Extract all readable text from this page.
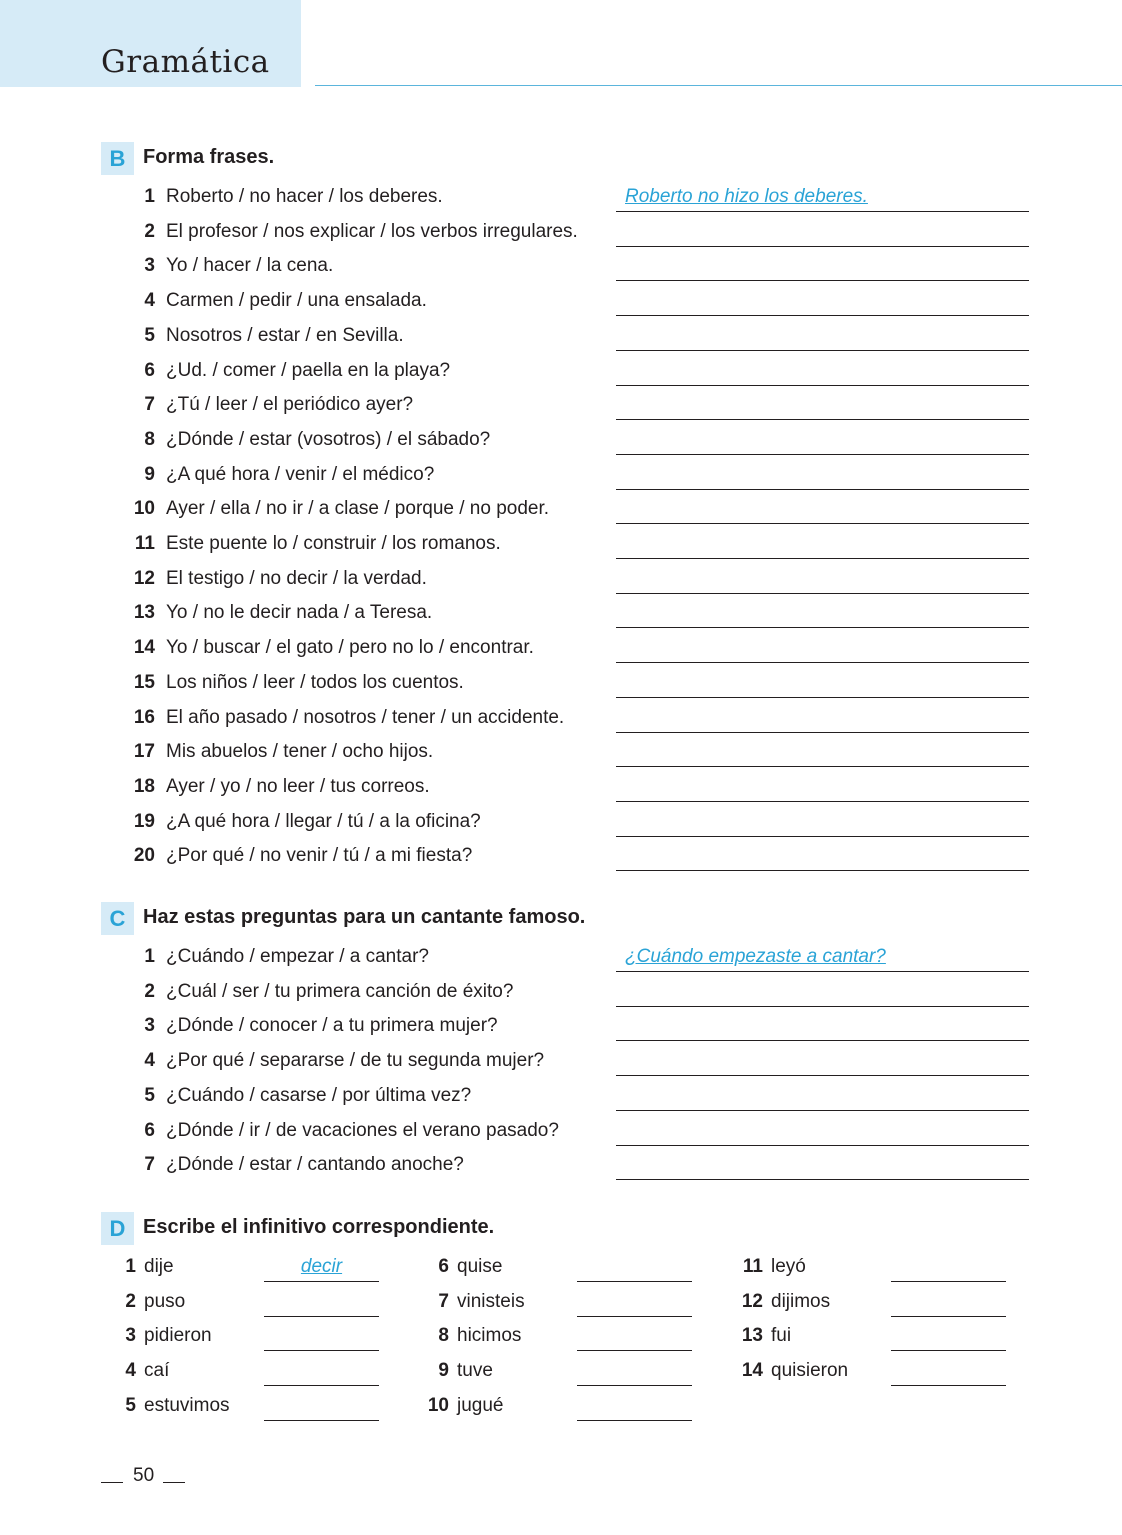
Gramática
B Forma frases.
1 Roberto / no hacer / los deberes.	Roberto no hizo los deberes.
2 El profesor / nos explicar / los verbos irregulares.
3 Yo / hacer / la cena.
4 Carmen / pedir / una ensalada.
5 Nosotros / estar / en Sevilla.
6 ¿Ud. / comer / paella en la playa?
7 ¿Tú / leer / el periódico ayer?
8 ¿Dónde / estar (vosotros) / el sábado?
9 ¿A qué hora / venir / el médico?
10 Ayer / ella / no ir / a clase / porque / no poder.
11 Este puente lo / construir / los romanos.
12 El testigo / no decir / la verdad.
13 Yo / no le decir nada / a Teresa.
14 Yo / buscar / el gato / pero no lo / encontrar.
15 Los niños / leer / todos los cuentos.
16 El año pasado / nosotros / tener / un accidente.
17 Mis abuelos / tener / ocho hijos.
18 Ayer / yo / no leer / tus correos.
19 ¿A qué hora / llegar / tú / a la oficina?
20 ¿Por qué / no venir / tú / a mi fiesta?
C Haz estas preguntas para un cantante famoso.
1 ¿Cuándo / empezar / a cantar?	¿Cuándo empezaste a cantar?
2 ¿Cuál / ser / tu primera canción de éxito?
3 ¿Dónde / conocer / a tu primera mujer?
4 ¿Por qué / separarse / de tu segunda mujer?
5 ¿Cuándo / casarse / por última vez?
6 ¿Dónde / ir / de vacaciones el verano pasado?
7 ¿Dónde / estar / cantando anoche?
D Escribe el infinitivo correspondiente.
1 dije	decir
2 puso
3 pidieron
4 caí
5 estuvimos
6 quise
7 vinisteis
8 hicimos
9 tuve
10 jugué
11 leyó
12 dijimos
13 fui
14 quisieron
50
